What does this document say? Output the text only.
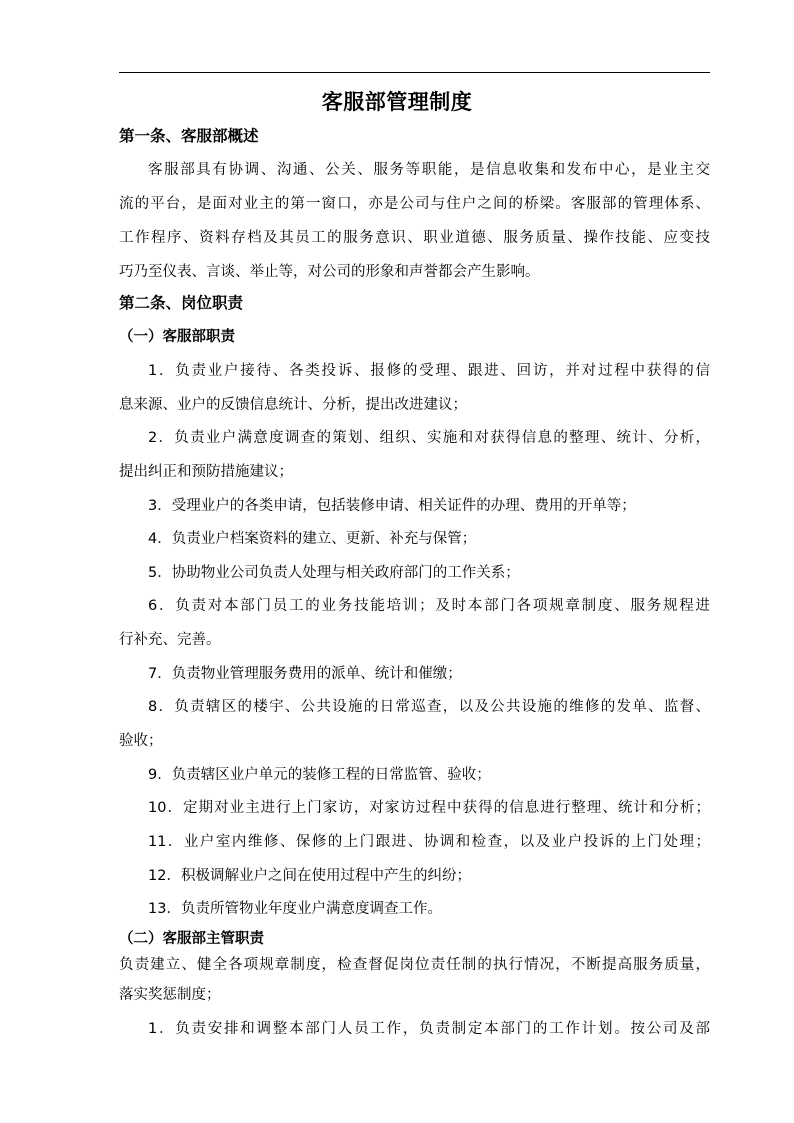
客服部管理制度

第一条、客服部概述

客服部具有协调、沟通、公关、服务等职能，是信息收集和发布中心，是业主交

流的平台，是面对业主的第一窗口，亦是公司与住户之间的桥梁。客服部的管理体系、

工作程序、资料存档及其员工的服务意识、职业道德、服务质量、操作技能、应变技

巧乃至仪表、言谈、举止等，对公司的形象和声誉都会产生影响。

第二条、岗位职责

（一）客服部职责

1．负责业户接待、各类投诉、报修的受理、跟进、回访，并对过程中获得的信

息来源、业户的反馈信息统计、分析，提出改进建议；

2．负责业户满意度调查的策划、组织、实施和对获得信息的整理、统计、分析，

提出纠正和预防措施建议；

3．受理业户的各类申请，包括装修申请、相关证件的办理、费用的开单等；

4．负责业户档案资料的建立、更新、补充与保管；

5．协助物业公司负责人处理与相关政府部门的工作关系；

6．负责对本部门员工的业务技能培训；及时本部门各项规章制度、服务规程进

行补充、完善。

7．负责物业管理服务费用的派单、统计和催缴；

8．负责辖区的楼宇、公共设施的日常巡查，以及公共设施的维修的发单、监督、

验收；

9．负责辖区业户单元的装修工程的日常监管、验收；

10．定期对业主进行上门家访，对家访过程中获得的信息进行整理、统计和分析；

11．业户室内维修、保修的上门跟进、协调和检查，以及业户投诉的上门处理；

12．积极调解业户之间在使用过程中产生的纠纷；

13．负责所管物业年度业户满意度调查工作。

（二）客服部主管职责

负责建立、健全各项规章制度，检查督促岗位责任制的执行情况，不断提高服务质量，

落实奖惩制度；

1．负责安排和调整本部门人员工作，负责制定本部门的工作计划。按公司及部
